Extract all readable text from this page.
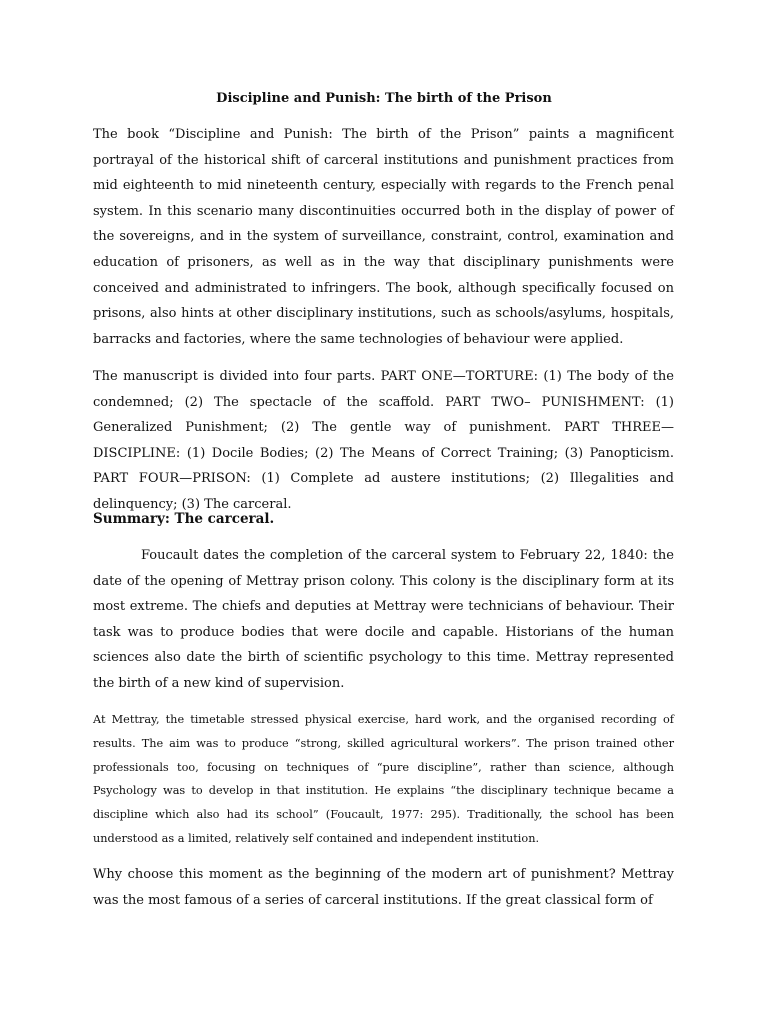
Discipline and Punish: The birth of the Prison

The book “Discipline and Punish: The birth of the Prison” paints a magnificent portrayal of the historical shift of carceral institutions and punishment practices from mid eighteenth to mid nineteenth century, especially with regards to the French penal system. In this scenario many discontinuities occurred both in the display of power of the sovereigns, and in the system of surveillance, constraint, control, examination and education of prisoners, as well as in the way that disciplinary punishments were conceived and administrated to infringers. The book, although specifically focused on prisons, also hints at other disciplinary institutions, such as schools/asylums, hospitals, barracks and factories, where the same technologies of behaviour were applied.

The manuscript is divided into four parts. PART ONE—TORTURE: (1) The body of the condemned; (2) The spectacle of the scaffold. PART TWO– PUNISHMENT: (1) Generalized Punishment; (2) The gentle way of punishment. PART THREE—DISCIPLINE: (1) Docile Bodies; (2) The Means of Correct Training; (3) Panopticism. PART FOUR—PRISON: (1) Complete ad austere institutions; (2) Illegalities and delinquency; (3) The carceral.

Summary: The carceral.

Foucault dates the completion of the carceral system to February 22, 1840: the date of the opening of Mettray prison colony. This colony is the disciplinary form at its most extreme. The chiefs and deputies at Mettray were technicians of behaviour. Their task was to produce bodies that were docile and capable. Historians of the human sciences also date the birth of scientific psychology to this time. Mettray represented the birth of a new kind of supervision.

At Mettray, the timetable stressed physical exercise, hard work, and the organised recording of results. The aim was to produce “strong, skilled agricultural workers”. The prison trained other professionals too, focusing on techniques of “pure discipline”, rather than science, although Psychology was to develop in that institution. He explains “the disciplinary technique became a discipline which also had its school” (Foucault, 1977: 295). Traditionally, the school has been understood as a limited, relatively self contained and independent institution.

Why choose this moment as the beginning of the modern art of punishment? Mettray was the most famous of a series of carceral institutions. If the great classical form of
